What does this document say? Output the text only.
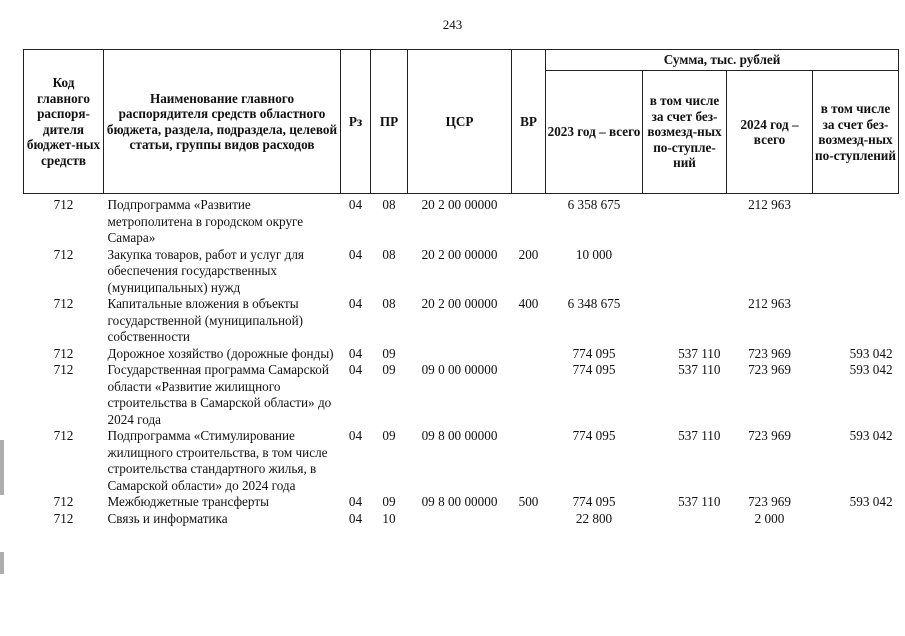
243
Код главного распоря-дителя бюджет-ных средств	Наименование главного распорядителя средств областного бюджета, раздела, подраздела, целевой статьи, группы видов расходов	Рз	ПР	ЦСР	ВР	Сумма, тыс. рублей			
						2023 год – всего	в том числе за счет без-возмезд-ных по-ступле-ний	2024 год – всего	в том числе за счет без-возмезд-ных по-ступлений
712	Подпрограмма «Развитие метрополитена в городском округе Самара»	04	08	20 2 00 00000		6 358 675		212 963	
712	Закупка товаров, работ и услуг для обеспечения государственных (муниципальных) нужд	04	08	20 2 00 00000	200	10 000			
712	Капитальные вложения в объекты государственной (муниципальной) собственности	04	08	20 2 00 00000	400	6 348 675		212 963	
712	Дорожное хозяйство (дорожные фонды)	04	09			774 095	537 110	723 969	593 042
712	Государственная программа Самарской области «Развитие жилищного строительства в Самарской области» до 2024 года	04	09	09 0 00 00000		774 095	537 110	723 969	593 042
712	Подпрограмма «Стимулирование жилищного строительства, в том числе строительства стандартного жилья, в Самарской области» до 2024 года	04	09	09 8 00 00000		774 095	537 110	723 969	593 042
712	Межбюджетные трансферты	04	09	09 8 00 00000	500	774 095	537 110	723 969	593 042
712	Связь и информатика	04	10			22 800		2 000	
